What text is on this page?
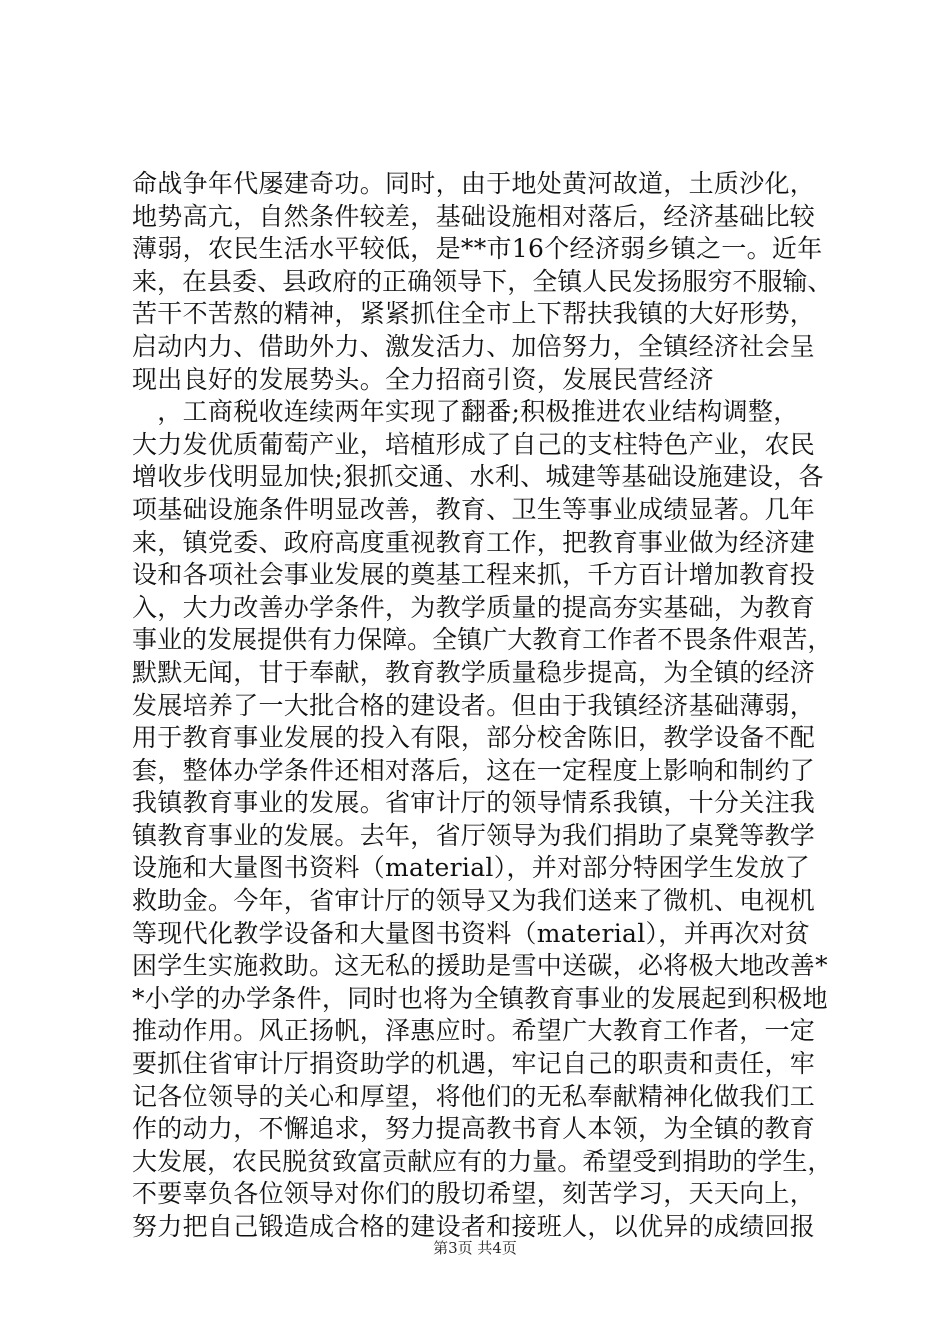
命战争年代屡建奇功。同时，由于地处黄河故道，土质沙化，
地势高亢，自然条件较差，基础设施相对落后，经济基础比较
薄弱，农民生活水平较低，是**市16个经济弱乡镇之一。近年
来，在县委、县政府的正确领导下，全镇人民发扬服穷不服输、
苦干不苦熬的精神，紧紧抓住全市上下帮扶我镇的大好形势，
启动内力、借助外力、激发活力、加倍努力，全镇经济社会呈
现出良好的发展势头。全力招商引资，发展民营经济
　，工商税收连续两年实现了翻番;积极推进农业结构调整，
大力发优质葡萄产业，培植形成了自己的支柱特色产业，农民
增收步伐明显加快;狠抓交通、水利、城建等基础设施建设，各
项基础设施条件明显改善，教育、卫生等事业成绩显著。几年
来，镇党委、政府高度重视教育工作，把教育事业做为经济建
设和各项社会事业发展的奠基工程来抓，千方百计增加教育投
入，大力改善办学条件，为教学质量的提高夯实基础，为教育
事业的发展提供有力保障。全镇广大教育工作者不畏条件艰苦，
默默无闻，甘于奉献，教育教学质量稳步提高，为全镇的经济
发展培养了一大批合格的建设者。但由于我镇经济基础薄弱，
用于教育事业发展的投入有限，部分校舍陈旧，教学设备不配
套，整体办学条件还相对落后，这在一定程度上影响和制约了
我镇教育事业的发展。省审计厅的领导情系我镇，十分关注我
镇教育事业的发展。去年，省厅领导为我们捐助了桌凳等教学
设施和大量图书资料（material），并对部分特困学生发放了
救助金。今年，省审计厅的领导又为我们送来了微机、电视机
等现代化教学设备和大量图书资料（material），并再次对贫
困学生实施救助。这无私的援助是雪中送碳，必将极大地改善*
*小学的办学条件，同时也将为全镇教育事业的发展起到积极地
推动作用。风正扬帆，泽惠应时。希望广大教育工作者，一定
要抓住省审计厅捐资助学的机遇，牢记自己的职责和责任，牢
记各位领导的关心和厚望，将他们的无私奉献精神化做我们工
作的动力，不懈追求，努力提高教书育人本领，为全镇的教育
大发展，农民脱贫致富贡献应有的力量。希望受到捐助的学生，
不要辜负各位领导对你们的殷切希望，刻苦学习，天天向上，
努力把自己锻造成合格的建设者和接班人，以优异的成绩回报
第3页 共4页
